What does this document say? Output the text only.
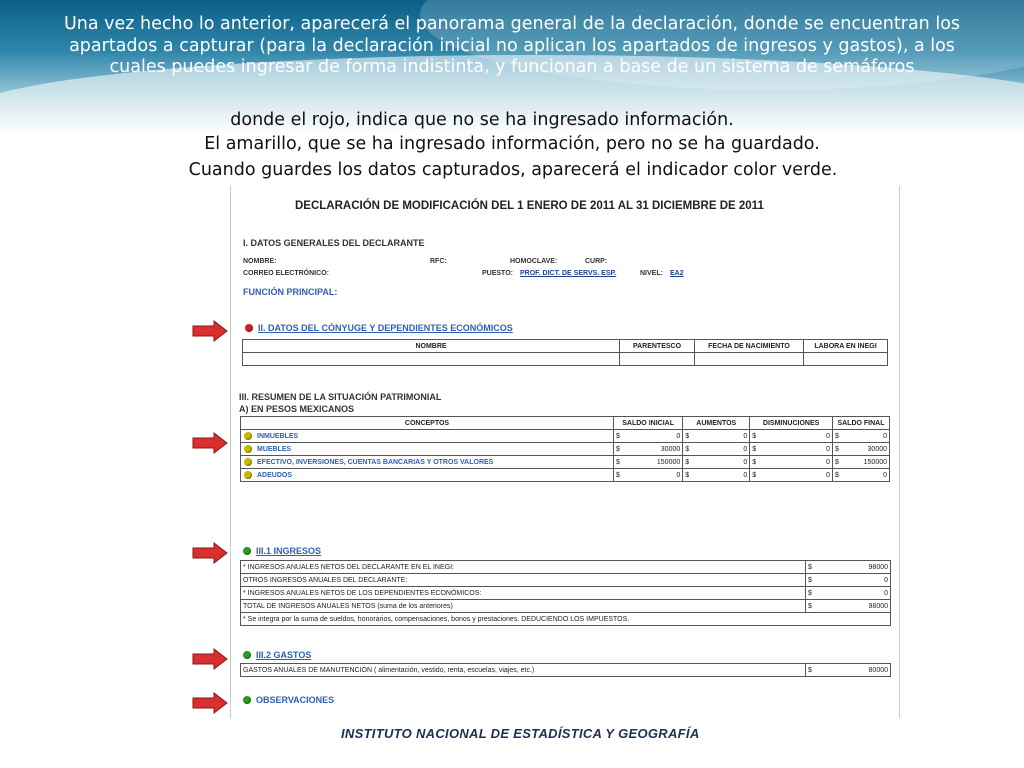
Una vez hecho lo anterior, aparecerá el panorama general de la declaración, donde se encuentran los apartados a capturar (para la declaración inicial no aplican los apartados de ingresos y gastos), a los cuales puedes ingresar de forma indistinta, y funcionan a base de un sistema de semáforos
donde el rojo, indica que no se ha ingresado información.
El amarillo, que se ha ingresado información, pero no se ha guardado.
Cuando guardes los datos capturados, aparecerá el indicador color verde.
DECLARACIÓN DE MODIFICACIÓN DEL 1 ENERO DE 2011 AL 31 DICIEMBRE DE 2011
I. DATOS GENERALES DEL DECLARANTE
NOMBRE:	RFC:	HOMOCLAVE:	CURP:
CORREO ELECTRÓNICO:	PUESTO: PROF. DICT. DE SERVS. ESP.	NIVEL: EA2
FUNCIÓN PRINCIPAL:
II. DATOS DEL CÓNYUGE Y DEPENDIENTES ECONÓMICOS
NOMBRE	PARENTESCO	FECHA DE NACIMIENTO	LABORA EN INEGI

III. RESUMEN DE LA SITUACIÓN PATRIMONIAL
A) EN PESOS MEXICANOS
CONCEPTOS	SALDO INICIAL		AUMENTOS		DISMINUCIONES		SALDO FINAL	

INMUEBLES	$	0	$	0	$	0	$	0

MUEBLES	$	30000	$	0	$	0	$	30000

EFECTIVO, INVERSIONES, CUENTAS BANCARIAS Y OTROS VALORES	$	150000	$	0	$	0	$	150000

ADEUDOS	$	0	$	0	$	0	$	0
III.1 INGRESOS
* INGRESOS ANUALES NETOS DEL DECLARANTE EN EL INEGI:	$	98000
OTROS INGRESOS ANUALES DEL DECLARANTE:	$	0
* INGRESOS ANUALES NETOS DE LOS DEPENDIENTES ECONÓMICOS:	$	0
TOTAL DE INGRESOS ANUALES NETOS (suma de los anteriores)	$	98000
* Se integra por la suma de sueldos, honorarios, compensaciones, bonos y prestaciones. DEDUCIENDO LOS IMPUESTOS.		
III.2 GASTOS
GASTOS ANUALES DE MANUTENCIÓN ( alimentación, vestido, renta, escuelas, viajes, etc.)	$	80000
OBSERVACIONES
INSTITUTO NACIONAL DE ESTADÍSTICA Y GEOGRAFÍA
